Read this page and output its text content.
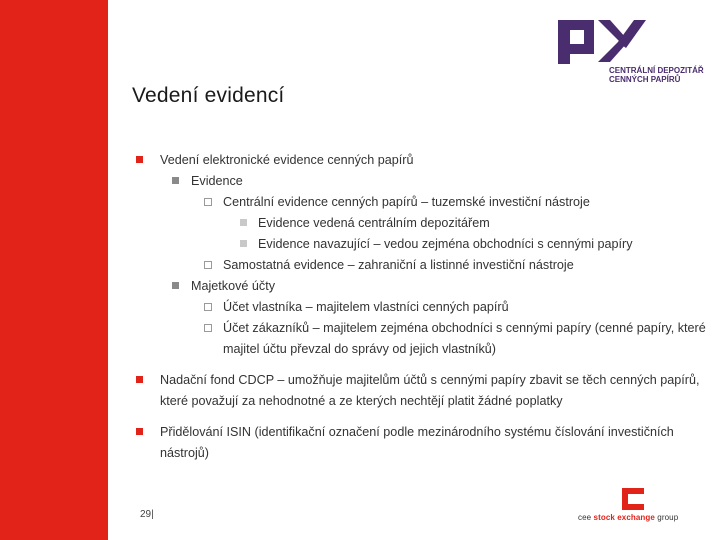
CENTRÁLNÍ DEPOZITÁŘ
CENNÝCH PAPÍRŮ
Vedení evidencí
Vedení elektronické evidence cenných papírů
Evidence
Centrální evidence cenných papírů – tuzemské investiční nástroje
Evidence vedená centrálním depozitářem
Evidence navazující – vedou zejména obchodníci s cennými papíry
Samostatná evidence – zahraniční a listinné investiční nástroje
Majetkové účty
Účet vlastníka – majitelem vlastníci cenných papírů
Účet zákazníků – majitelem zejména obchodníci s cennými papíry (cenné papíry, které majitel účtu převzal do správy od jejich vlastníků)
Nadační fond CDCP – umožňuje majitelům účtů s cennými papíry zbavit se těch cenných papírů, které považují za nehodnotné a ze kterých nechtějí platit žádné poplatky
Přidělování ISIN (identifikační označení podle mezinárodního systému číslování investičních nástrojů)
29|	cee stock exchange group
